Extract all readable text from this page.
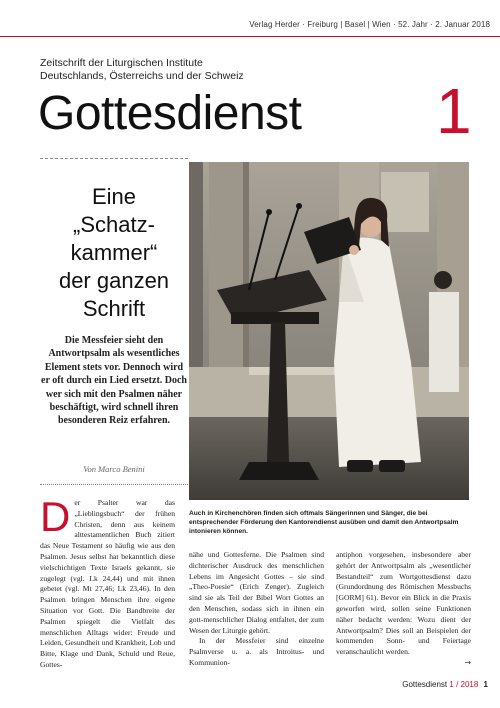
Verlag Herder · Freiburg | Basel | Wien · 52. Jahr · 2. Januar 2018
Zeitschrift der Liturgischen Institute
Deutschlands, Österreichs und der Schweiz
Gottesdienst 1
Eine
„Schatz-
kammer“
der ganzen
Schrift
Die Messfeier sieht den Antwortpsalm als wesentliches Element stets vor. Dennoch wird er oft durch ein Lied ersetzt. Doch wer sich mit den Psalmen näher beschäftigt, wird schnell ihren besonderen Reiz erfahren.
Von Marco Benini
Auch in Kirchenchören finden sich oftmals Sängerinnen und Sänger, die bei entsprechender Förderung den Kantorendienst ausüben und damit den Antwortpsalm intonieren können.
D er Psalter war das „Lieblingsbuch“ der frühen Christen, denn aus keinem alttestamentlichen Buch zitiert das Neue Testament so häufig wie aus den Psalmen. Jesus selbst hat bekanntlich diese vielschichtigen Texte Israels gekannt, sie zugelegt (vgl. Lk 24,44) und mit ihnen gebetet (vgl. Mt 27,46; Lk 23,46). In den Psalmen bringen Menschen ihre eigene Situation vor Gott. Die Bandbreite der Psalmen spiegelt die Vielfalt des menschlichen Alltags wider: Freude und Leiden, Gesundheit und Krankheit, Lob und Bitte, Klage und Dank, Schuld und Reue, Gottes-
nähe und Gottesferne. Die Psalmen sind dichterischer Ausdruck des menschlichen Lebens im Angesicht Gottes – sie sind „Theo-Poesie“ (Erich Zenger). Zugleich sind sie als Teil der Bibel Wort Gottes an den Menschen, sodass sich in ihnen ein gott-menschlicher Dialog entfaltet, der zum Wesen der Liturgie gehört.
In der Messfeier sind einzelne Psalmverse u. a. als Introitus- und Kommunion-
antiphon vorgesehen, insbesondere aber gehört der Antwortpsalm als „wesentlicher Bestandteil“ zum Wortgottesdienst dazu (Grundordnung des Römischen Messbuchs [GORM] 61). Bevor ein Blick in die Praxis geworfen wird, sollen seine Funktionen näher bedacht werden: Wozu dient der Antwortpsalm? Dies soll an Beispielen der kommenden Sonn- und Feiertage veranschaulicht werden.
→
Gottesdienst 1 / 2018 1
